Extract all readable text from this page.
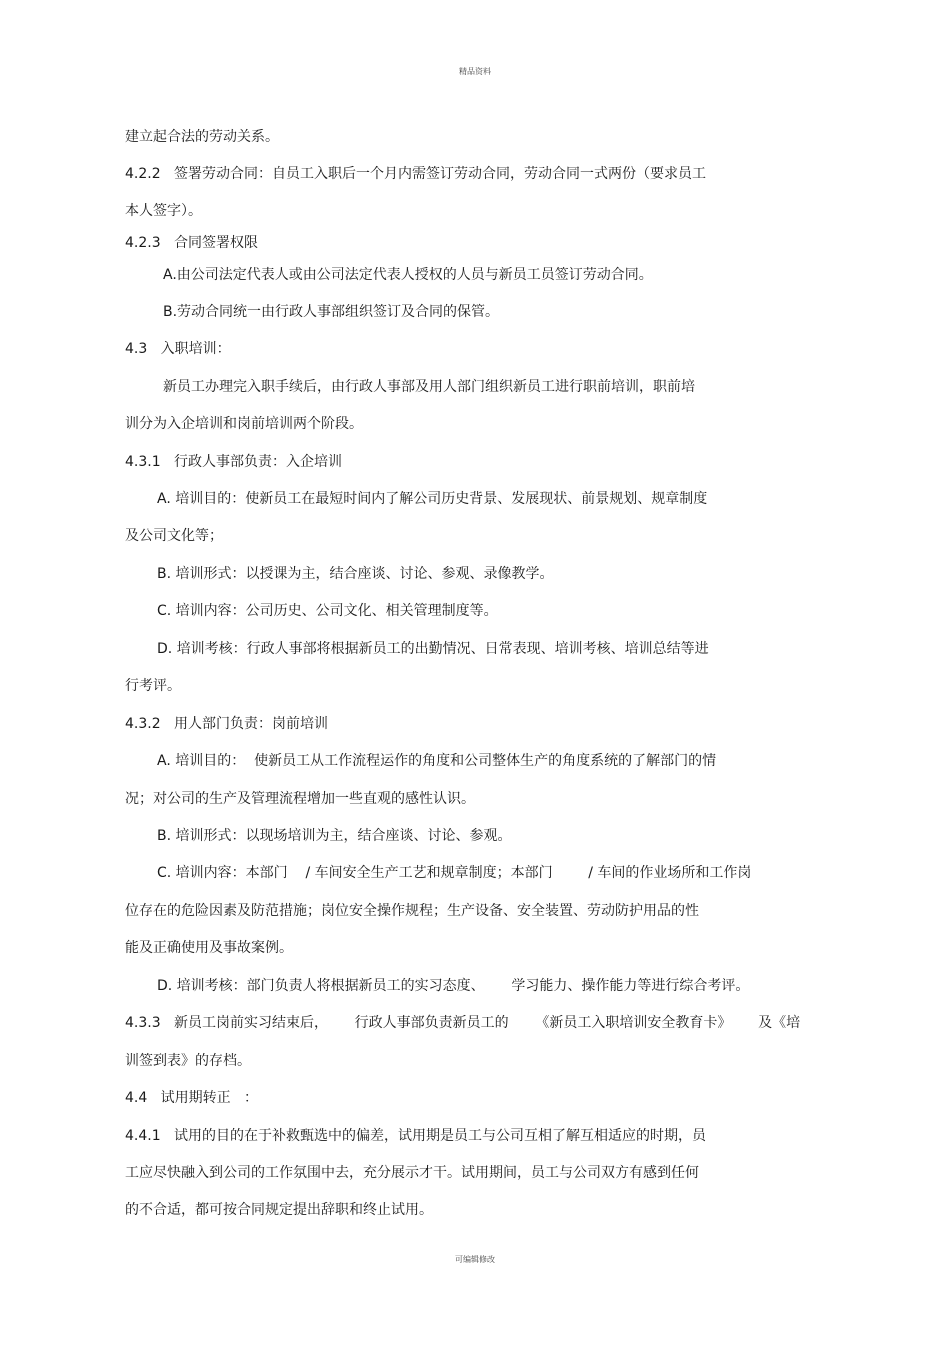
精品资料
建立起合法的劳动关系。
4.2.2   签署劳动合同：自员工入职后一个月内需签订劳动合同，劳动合同一式两份（要求员工
本人签字）。
4.2.3   合同签署权限
A.由公司法定代表人或由公司法定代表人授权的人员与新员工员签订劳动合同。
B.劳动合同统一由行政人事部组织签订及合同的保管。
4.3   入职培训：
新员工办理完入职手续后，由行政人事部及用人部门组织新员工进行职前培训，职前培
训分为入企培训和岗前培训两个阶段。
4.3.1   行政人事部负责：入企培训
A. 培训目的：使新员工在最短时间内了解公司历史背景、发展现状、前景规划、规章制度
及公司文化等；
B. 培训形式：以授课为主，结合座谈、讨论、参观、录像教学。
C. 培训内容：公司历史、公司文化、相关管理制度等。
D. 培训考核：行政人事部将根据新员工的出勤情况、日常表现、培训考核、培训总结等进
行考评。
4.3.2   用人部门负责：岗前培训
A. 培训目的：  使新员工从工作流程运作的角度和公司整体生产的角度系统的了解部门的情
况；对公司的生产及管理流程增加一些直观的感性认识。
B. 培训形式：以现场培训为主，结合座谈、讨论、参观。
C. 培训内容：本部门    / 车间安全生产工艺和规章制度；本部门        / 车间的作业场所和工作岗
位存在的危险因素及防范措施；岗位安全操作规程；生产设备、安全装置、劳动防护用品的性
能及正确使用及事故案例。
D. 培训考核：部门负责人将根据新员工的实习态度、      学习能力、操作能力等进行综合考评。
4.3.3   新员工岗前实习结束后，      行政人事部负责新员工的      《新员工入职培训安全教育卡》      及《培
训签到表》的存档。
4.4   试用期转正   ：
4.4.1   试用的目的在于补救甄选中的偏差，试用期是员工与公司互相了解互相适应的时期，员
工应尽快融入到公司的工作氛围中去，充分展示才干。试用期间，员工与公司双方有感到任何
的不合适，都可按合同规定提出辞职和终止试用。
可编辑修改
